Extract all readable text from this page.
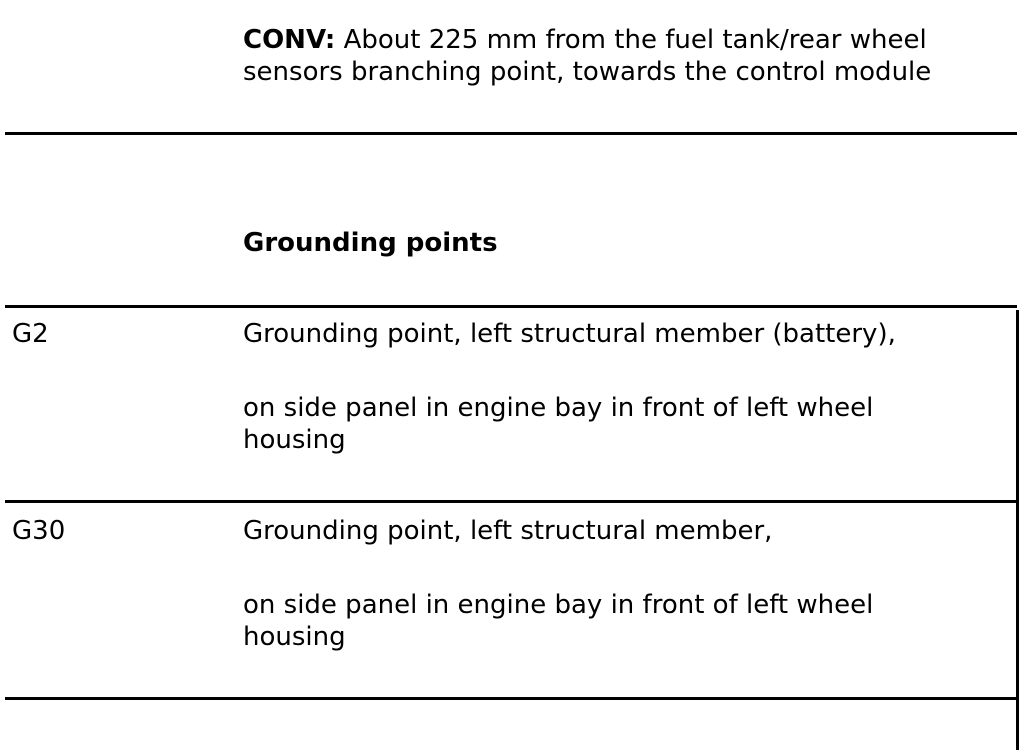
CONV: About 225 mm from the fuel tank/rear wheel
sensors branching point, towards the control module
Grounding points
G2	Grounding point, left structural member (battery),
on side panel in engine bay in front of left wheel
housing
G30	Grounding point, left structural member,
on side panel in engine bay in front of left wheel
housing
